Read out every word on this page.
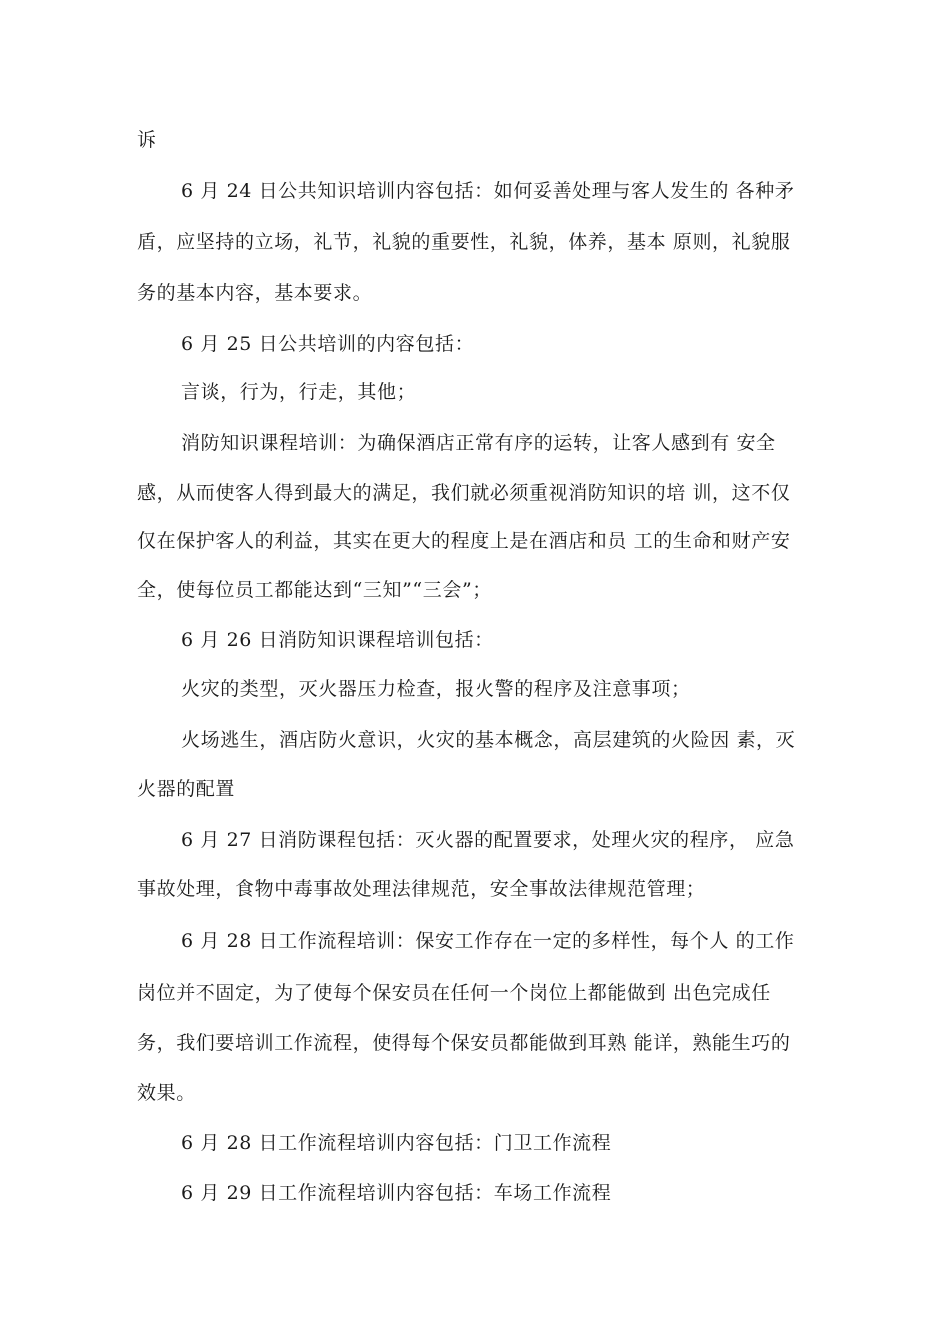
诉
6 月 24 日公共知识培训内容包括：如何妥善处理与客人发生的 各种矛
盾，应坚持的立场，礼节，礼貌的重要性，礼貌，体养，基本 原则，礼貌服
务的基本内容，基本要求。
6 月 25 日公共培训的内容包括：
言谈，行为，行走，其他；
消防知识课程培训：为确保酒店正常有序的运转，让客人感到有 安全
感，从而使客人得到最大的满足，我们就必须重视消防知识的培 训，这不仅
仅在保护客人的利益，其实在更大的程度上是在酒店和员 工的生命和财产安
全，使每位员工都能达到“三知”“三会”；
6 月 26 日消防知识课程培训包括：
火灾的类型，灭火器压力检查，报火警的程序及注意事项；
火场逃生，酒店防火意识，火灾的基本概念，高层建筑的火险因 素，灭
火器的配置
6 月 27 日消防课程包括：灭火器的配置要求，处理火灾的程序， 应急
事故处理，食物中毒事故处理法律规范，安全事故法律规范管理；
6 月 28 日工作流程培训：保安工作存在一定的多样性，每个人 的工作
岗位并不固定，为了使每个保安员在任何一个岗位上都能做到 出色完成任
务，我们要培训工作流程，使得每个保安员都能做到耳熟 能详，熟能生巧的
效果。
6 月 28 日工作流程培训内容包括：门卫工作流程
6 月 29 日工作流程培训内容包括：车场工作流程
